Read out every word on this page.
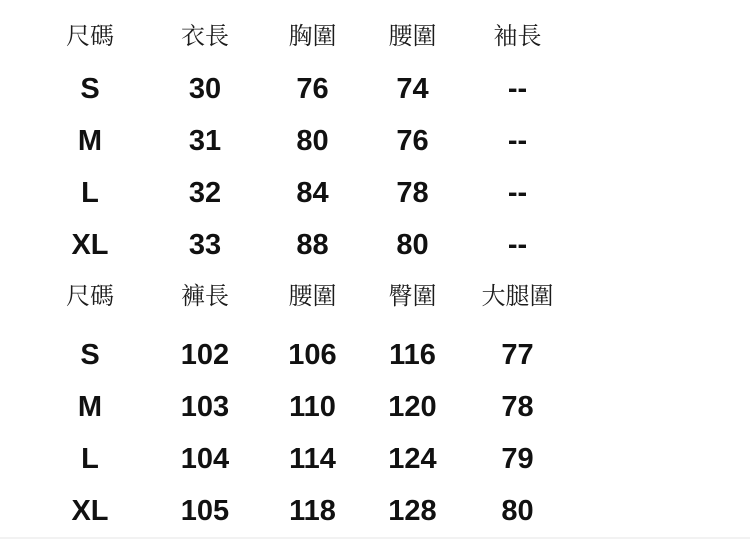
尺碼	衣長	胸圍	腰圍	袖長
S	30	76	74	--
M	31	80	76	--
L	32	84	78	--
XL	33	88	80	--
尺碼	褲長	腰圍	臀圍	大腿圍
S	102	106	116	77
M	103	110	120	78
L	104	114	124	79
XL	105	118	128	80
